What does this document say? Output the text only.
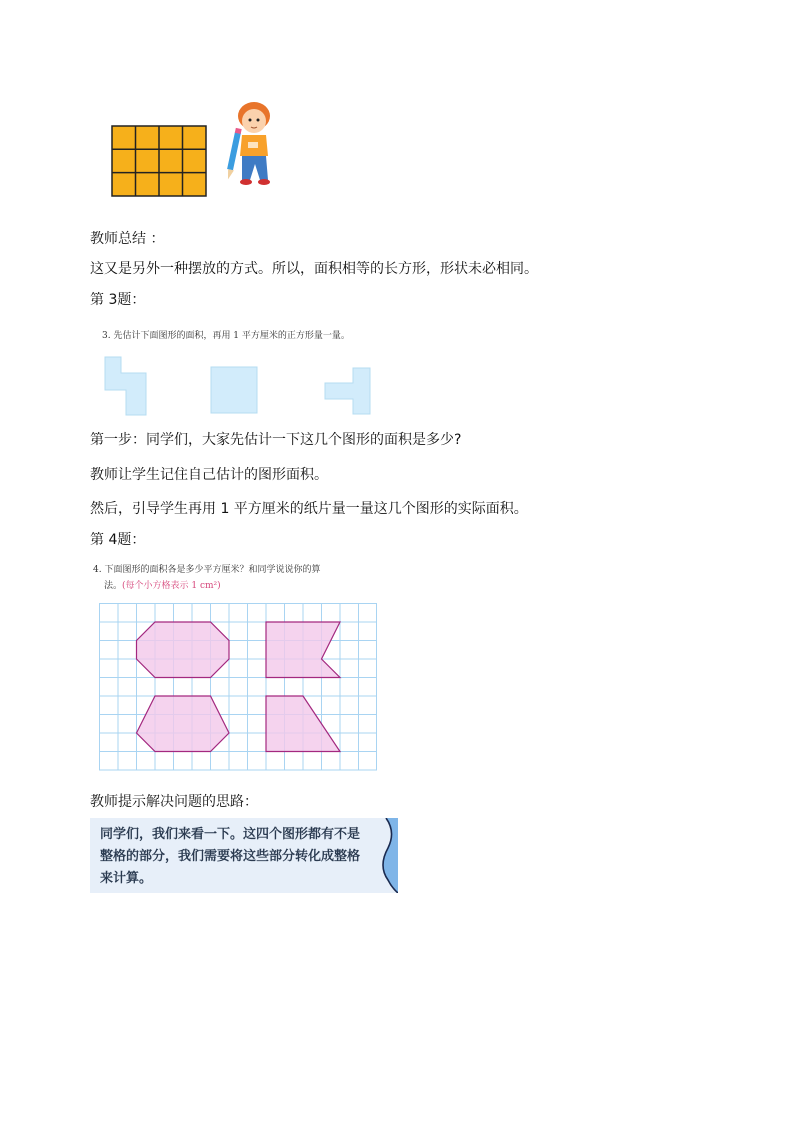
教师总结 ：
这又是另外一种摆放的方式。所以，面积相等的长方形，形状未必相同。
第 3题：
3. 先估计下面图形的面积，再用 1 平方厘米的正方形量一量。
第一步：同学们，大家先估计一下这几个图形的面积是多少?
教师让学生记住自己估计的图形面积。
然后，引导学生再用 1 平方厘米的纸片量一量这几个图形的实际面积。
第 4题：
4. 下面图形的面积各是多少平方厘米？和同学说说你的算
法。(每个小方格表示 1 cm²)
教师提示解决问题的思路：
同学们，我们来看一下。这四个图形都有不是整格的部分，我们需要将这些部分转化成整格来计算。
